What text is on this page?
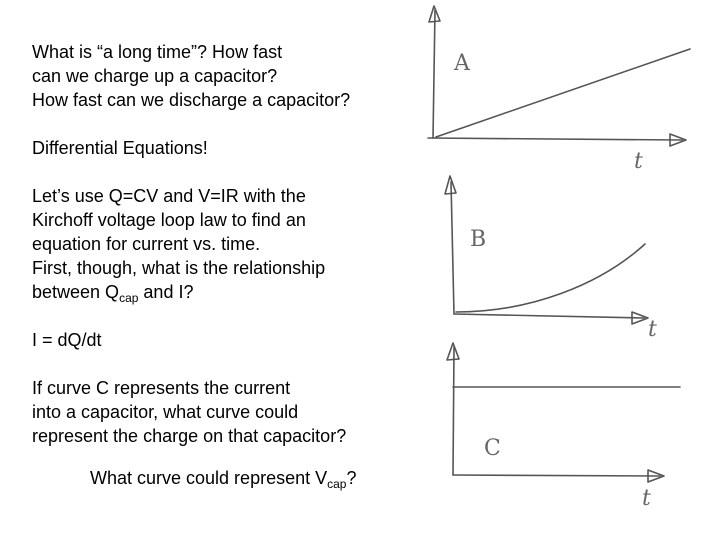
What is “a long time”? How fast
can we charge up a capacitor?
How fast can we discharge a capacitor?
Differential Equations!
Let’s use Q=CV and V=IR with the
Kirchoff voltage loop law to find an
equation for current vs. time.
First, though, what is the relationship
between $Q_{cap}$ and I?
I = dQ/dt
If curve C represents the current
into a capacitor, what curve could
represent the charge on that capacitor?
What curve could represent $V_{cap}$?
A
t
B
t
C
t
